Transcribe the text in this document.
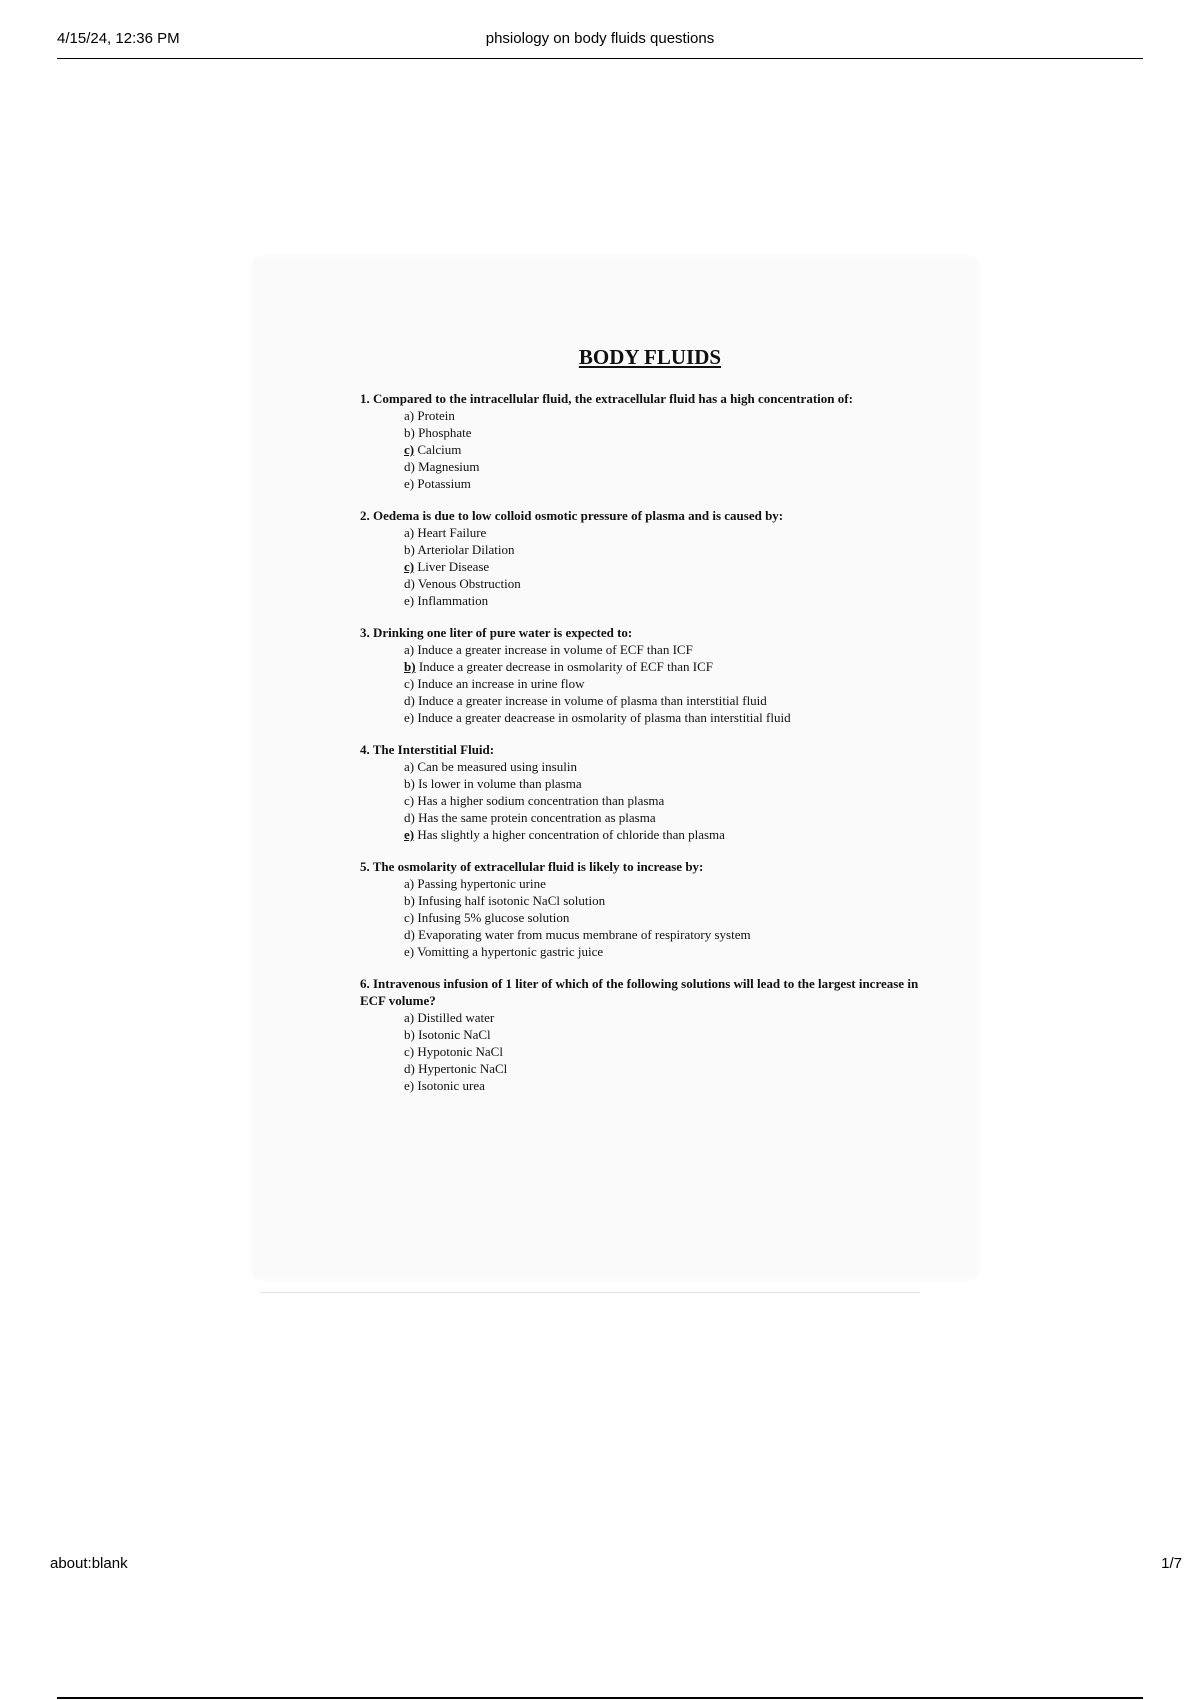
4/15/24, 12:36 PM	phsiology on body fluids questions
BODY FLUIDS
1. Compared to the intracellular fluid, the extracellular fluid has a high concentration of:
a) Protein
b) Phosphate
c) Calcium
d) Magnesium
e) Potassium
2. Oedema is due to low colloid osmotic pressure of plasma and is caused by:
a) Heart Failure
b) Arteriolar Dilation
c) Liver Disease
d) Venous Obstruction
e) Inflammation
3. Drinking one liter of pure water is expected to:
a) Induce a greater increase in volume of ECF than ICF
b) Induce a greater decrease in osmolarity of ECF than ICF
c) Induce an increase in urine flow
d) Induce a greater increase in volume of plasma than interstitial fluid
e) Induce a greater deacrease in osmolarity of plasma than interstitial fluid
4. The Interstitial Fluid:
a) Can be measured using insulin
b) Is lower in volume than plasma
c) Has a higher sodium concentration than plasma
d) Has the same protein concentration as plasma
e) Has slightly a higher concentration of chloride than plasma
5. The osmolarity of extracellular fluid is likely to increase by:
a) Passing hypertonic urine
b) Infusing half isotonic NaCl solution
c) Infusing 5% glucose solution
d) Evaporating water from mucus membrane of respiratory system
e) Vomitting a hypertonic gastric juice
6. Intravenous infusion of 1 liter of which of the following solutions will lead to the largest increase in ECF volume?
a) Distilled water
b) Isotonic NaCl
c) Hypotonic NaCl
d) Hypertonic NaCl
e) Isotonic urea
about:blank	1/7
